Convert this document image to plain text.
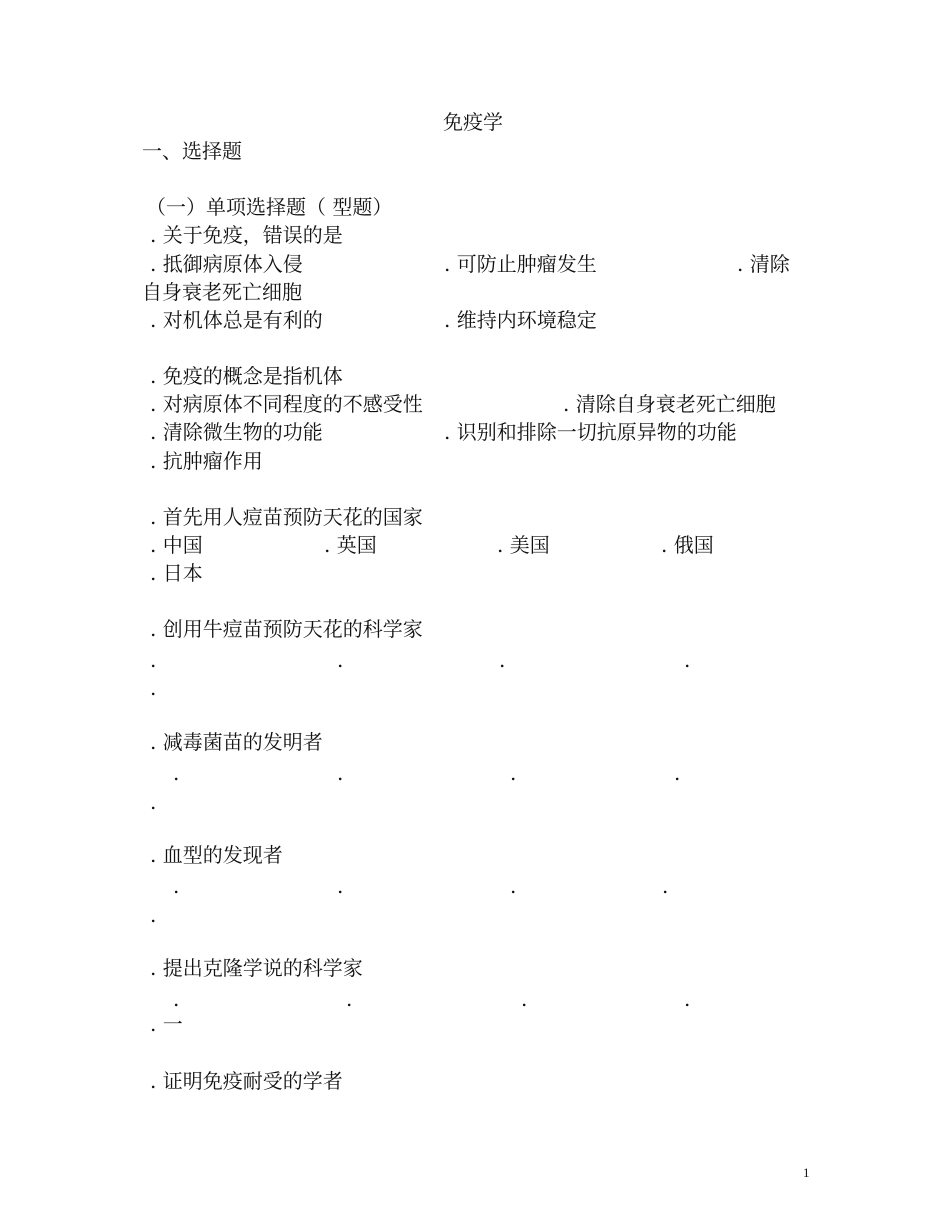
免疫学
一、选择题
（一）单项选择题（ 型题）
. 关于免疫，错误的是
. 抵御病原体入侵	. 可防止肿瘤发生	. 清除
自身衰老死亡细胞
. 对机体总是有利的	. 维持内环境稳定
. 免疫的概念是指机体
. 对病原体不同程度的不感受性	. 清除自身衰老死亡细胞
. 清除微生物的功能	. 识别和排除一切抗原异物的功能
. 抗肿瘤作用
. 首先用人痘苗预防天花的国家
. 中国	. 英国	. 美国	. 俄国
. 日本
. 创用牛痘苗预防天花的科学家
.	.	.	.
.
. 减毒菌苗的发明者
.	.	.	.
.
. 血型的发现者
.	.	.	.
.
. 提出克隆学说的科学家
.	.	.	.
. 一
. 证明免疫耐受的学者
1
